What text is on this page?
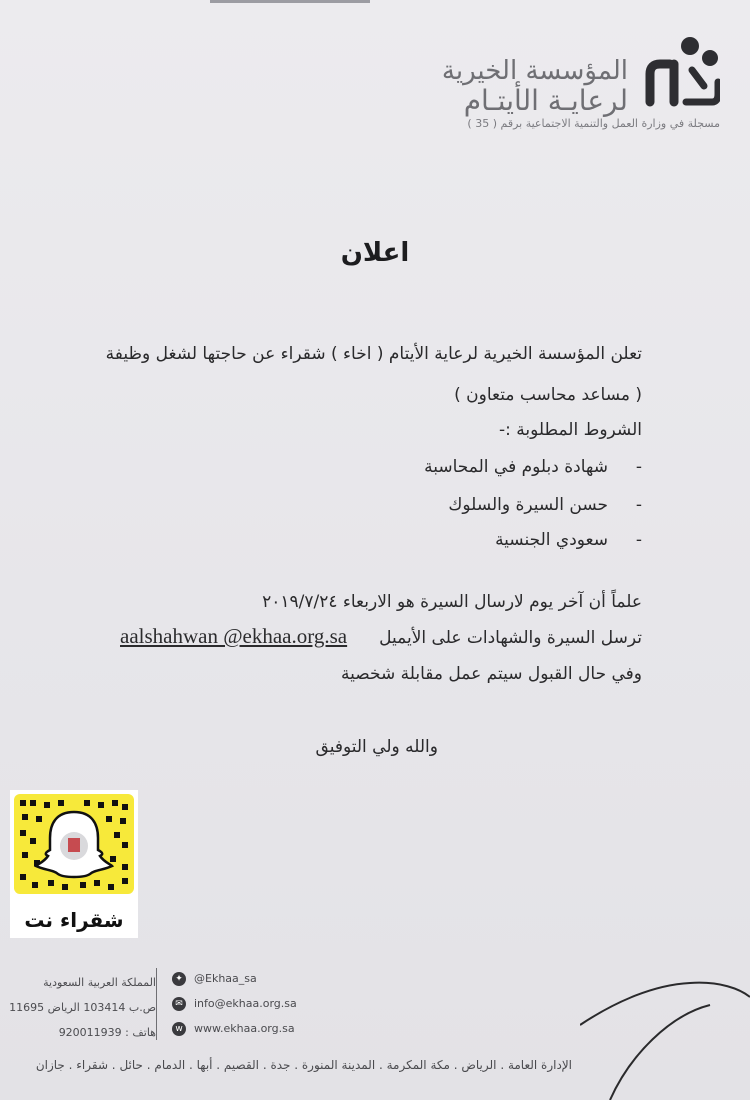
المؤسسة الخيرية
لرعايـة الأيتـام
مسجلة في وزارة العمل والتنمية الاجتماعية برقم ( 35 )
اعلان
تعلن المؤسسة الخيرية لرعاية الأيتام ( اخاء ) شقراء عن حاجتها لشغل وظيفة
( مساعد محاسب متعاون )
الشروط المطلوبة :-
-شهادة دبلوم في المحاسبة
-حسن السيرة والسلوك
-سعودي الجنسية
علماً أن آخر يوم لارسال السيرة هو الاربعاء ٢٠١٩/٧/٢٤
ترسل السيرة والشهادات على الأيميل
aalshahwan @ekhaa.org.sa
وفي حال القبول سيتم عمل مقابلة شخصية
والله ولي التوفيق
شقراء نت
المملكة العربية السعودية
ص.ب 103414 الرياض 11695
هاتف : 920011939
✦ @Ekhaa_sa
✉ info@ekhaa.org.sa
w	www.ekhaa.org.sa
الإدارة العامة . الرياض . مكة المكرمة . المدينة المنورة . جدة . القصيم . أبها . الدمام . حائل . شقراء . جازان
